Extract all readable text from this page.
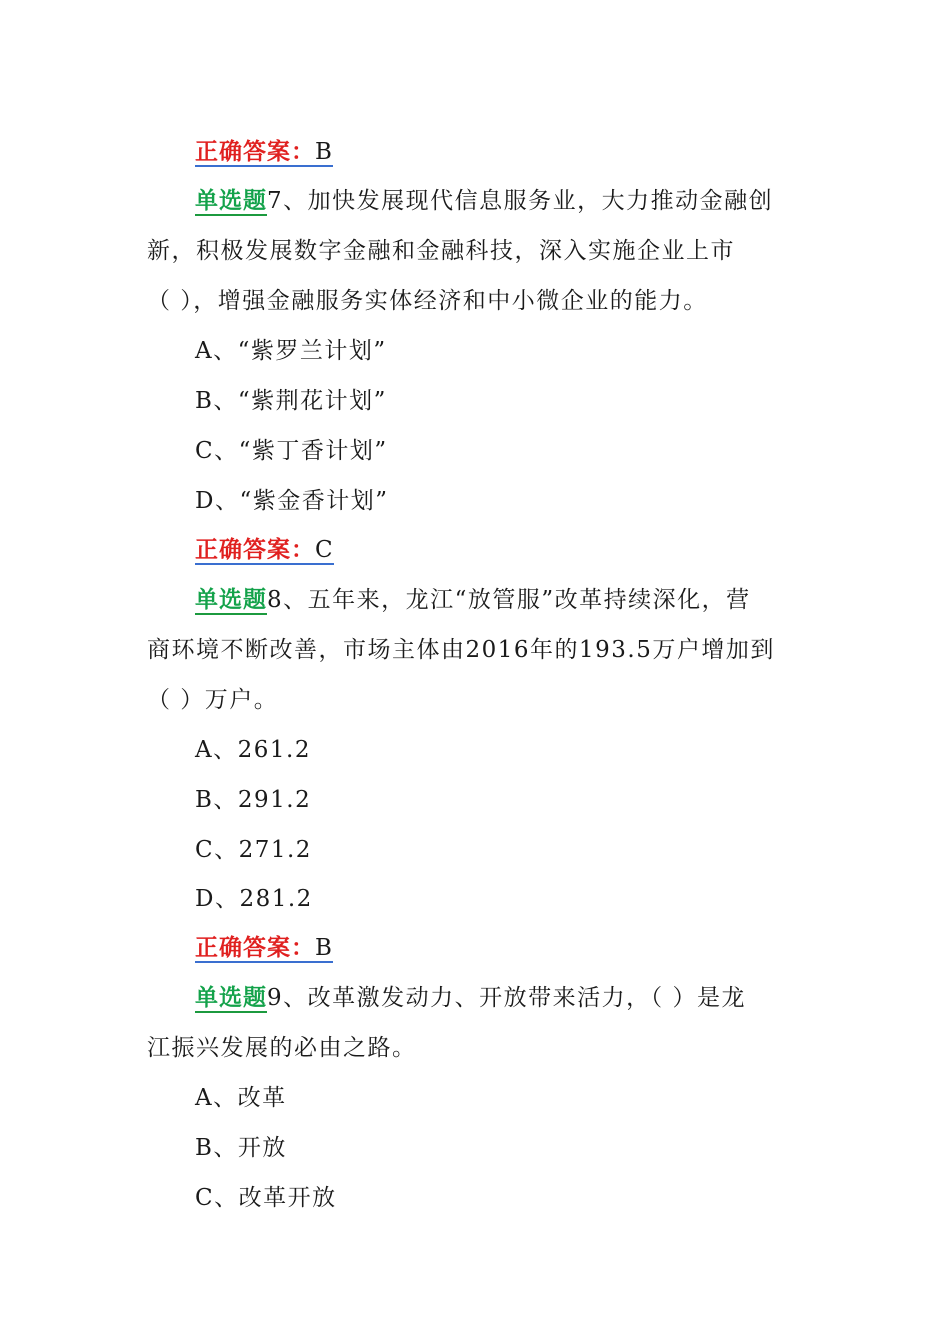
正确答案：B
单选题7、加快发展现代信息服务业，大力推动金融创
新，积极发展数字金融和金融科技，深入实施企业上市
（ ），增强金融服务实体经济和中小微企业的能力。
A、“紫罗兰计划”
B、“紫荆花计划”
C、“紫丁香计划”
D、“紫金香计划”
正确答案：C
单选题8、五年来，龙江“放管服”改革持续深化，营
商环境不断改善，市场主体由2016年的193.5万户增加到
（ ）万户。
A、261.2
B、291.2
C、271.2
D、281.2
正确答案：B
单选题9、改革激发动力、开放带来活力，（ ）是龙
江振兴发展的必由之路。
A、改革
B、开放
C、改革开放
